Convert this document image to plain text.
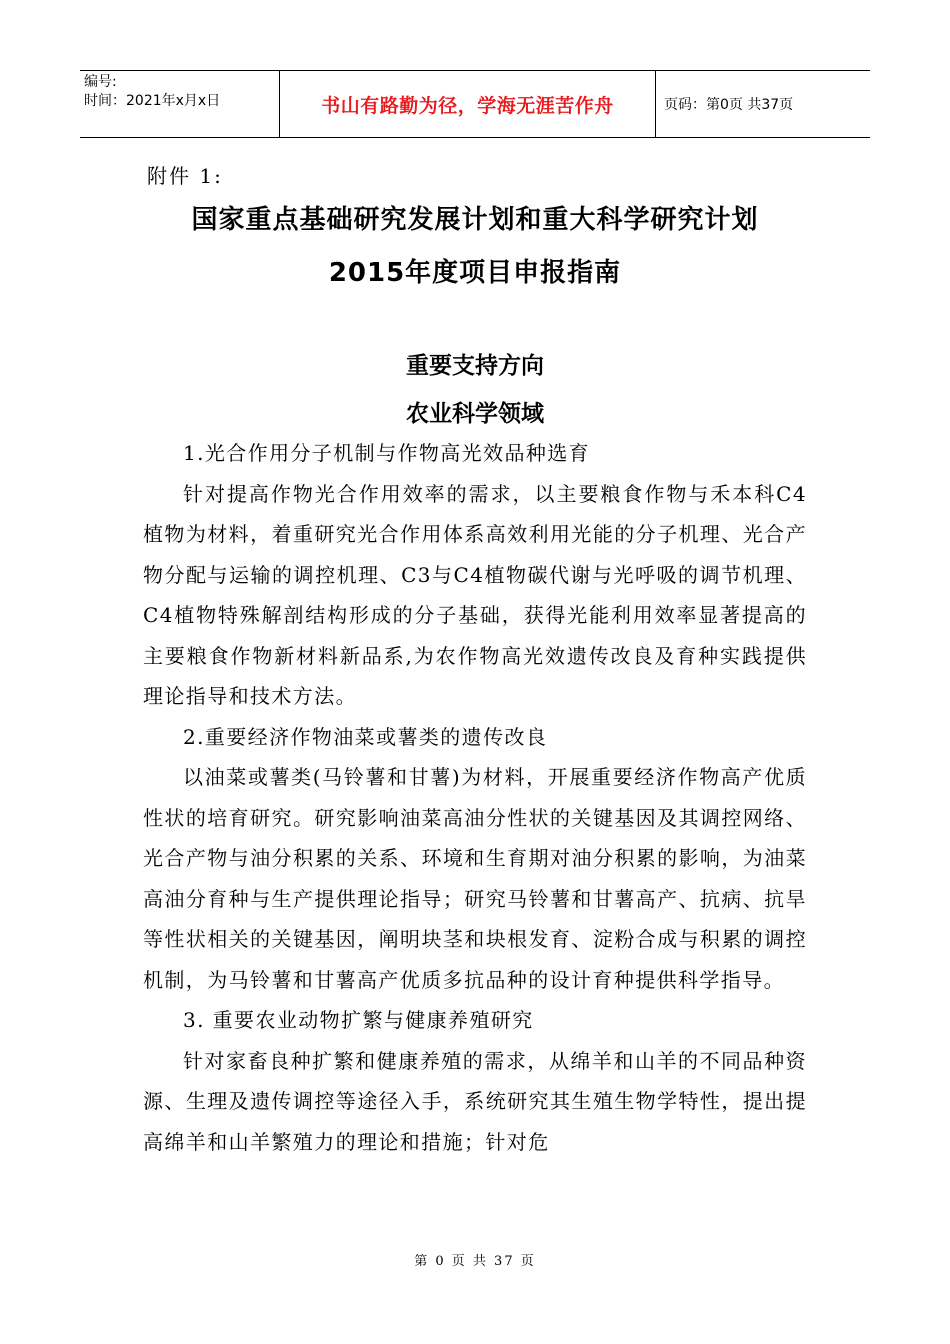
编号:
时间：2021年x月x日	书山有路勤为径，学海无涯苦作舟	页码：第0页 共37页
附件 1:
国家重点基础研究发展计划和重大科学研究计划
2015年度项目申报指南
重要支持方向
农业科学领域

1.光合作用分子机制与作物高光效品种选育

针对提高作物光合作用效率的需求，以主要粮食作物与禾本科C4植物为材料，着重研究光合作用体系高效利用光能的分子机理、光合产物分配与运输的调控机理、C3与C4植物碳代谢与光呼吸的调节机理、C4植物特殊解剖结构形成的分子基础，获得光能利用效率显著提高的主要粮食作物新材料新品系,为农作物高光效遗传改良及育种实践提供理论指导和技术方法。

2.重要经济作物油菜或薯类的遗传改良

以油菜或薯类(马铃薯和甘薯)为材料，开展重要经济作物高产优质性状的培育研究。研究影响油菜高油分性状的关键基因及其调控网络、光合产物与油分积累的关系、环境和生育期对油分积累的影响，为油菜高油分育种与生产提供理论指导；研究马铃薯和甘薯高产、抗病、抗旱等性状相关的关键基因，阐明块茎和块根发育、淀粉合成与积累的调控机制，为马铃薯和甘薯高产优质多抗品种的设计育种提供科学指导。

3. 重要农业动物扩繁与健康养殖研究

针对家畜良种扩繁和健康养殖的需求，从绵羊和山羊的不同品种资源、生理及遗传调控等途径入手，系统研究其生殖生物学特性，提出提高绵羊和山羊繁殖力的理论和措施；针对危

第 0 页 共 37 页
